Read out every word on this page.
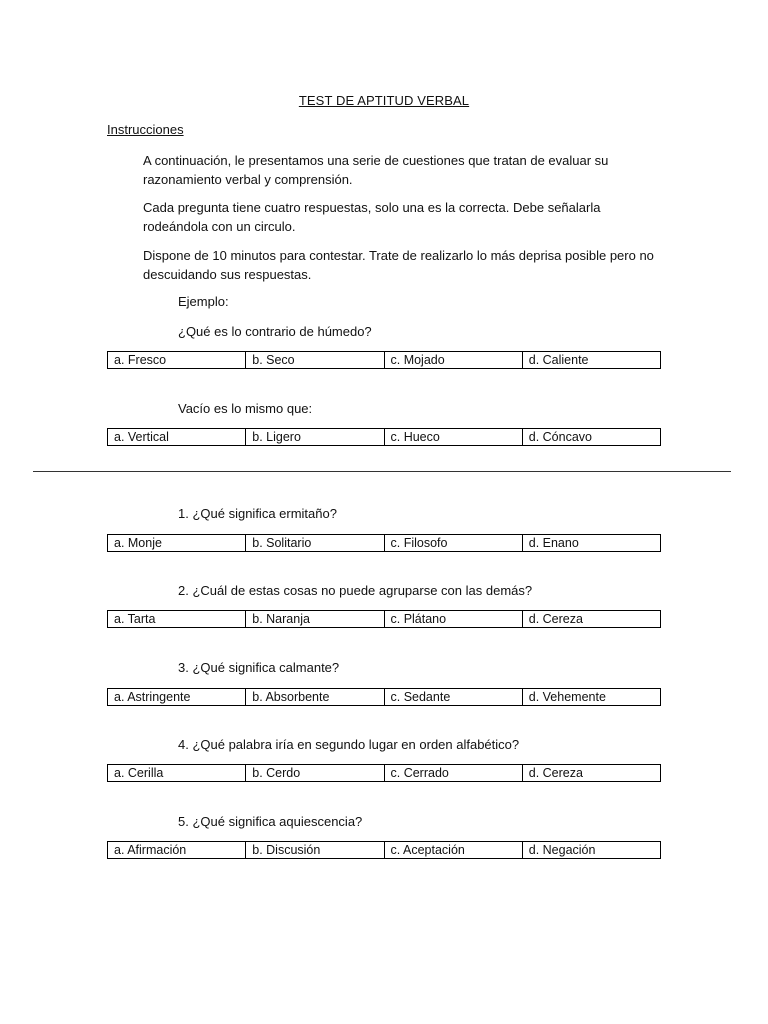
TEST DE APTITUD VERBAL
Instrucciones
A continuación, le presentamos una serie de cuestiones que tratan de evaluar su razonamiento verbal y comprensión.
Cada pregunta tiene cuatro respuestas, solo una es la correcta. Debe señalarla rodeándola con un circulo.
Dispone de 10 minutos para contestar. Trate de realizarlo lo más deprisa posible pero no descuidando sus respuestas.
Ejemplo:
¿Qué es lo contrario de húmedo?
a. Fresco	b. Seco	c. Mojado	d. Caliente
Vacío es lo mismo que:
a. Vertical	b. Ligero	c. Hueco	d. Cóncavo
1. ¿Qué significa ermitaño?
a. Monje	b. Solitario	c. Filosofo	d. Enano
2. ¿Cuál de estas cosas no puede agruparse con las demás?
a. Tarta	b. Naranja	c. Plátano	d. Cereza
3. ¿Qué significa calmante?
a. Astringente	b. Absorbente	c. Sedante	d. Vehemente
4. ¿Qué palabra iría en segundo lugar en orden alfabético?
a. Cerilla	b. Cerdo	c. Cerrado	d. Cereza
5. ¿Qué significa aquiescencia?
a. Afirmación	b. Discusión	c. Aceptación	d. Negación
